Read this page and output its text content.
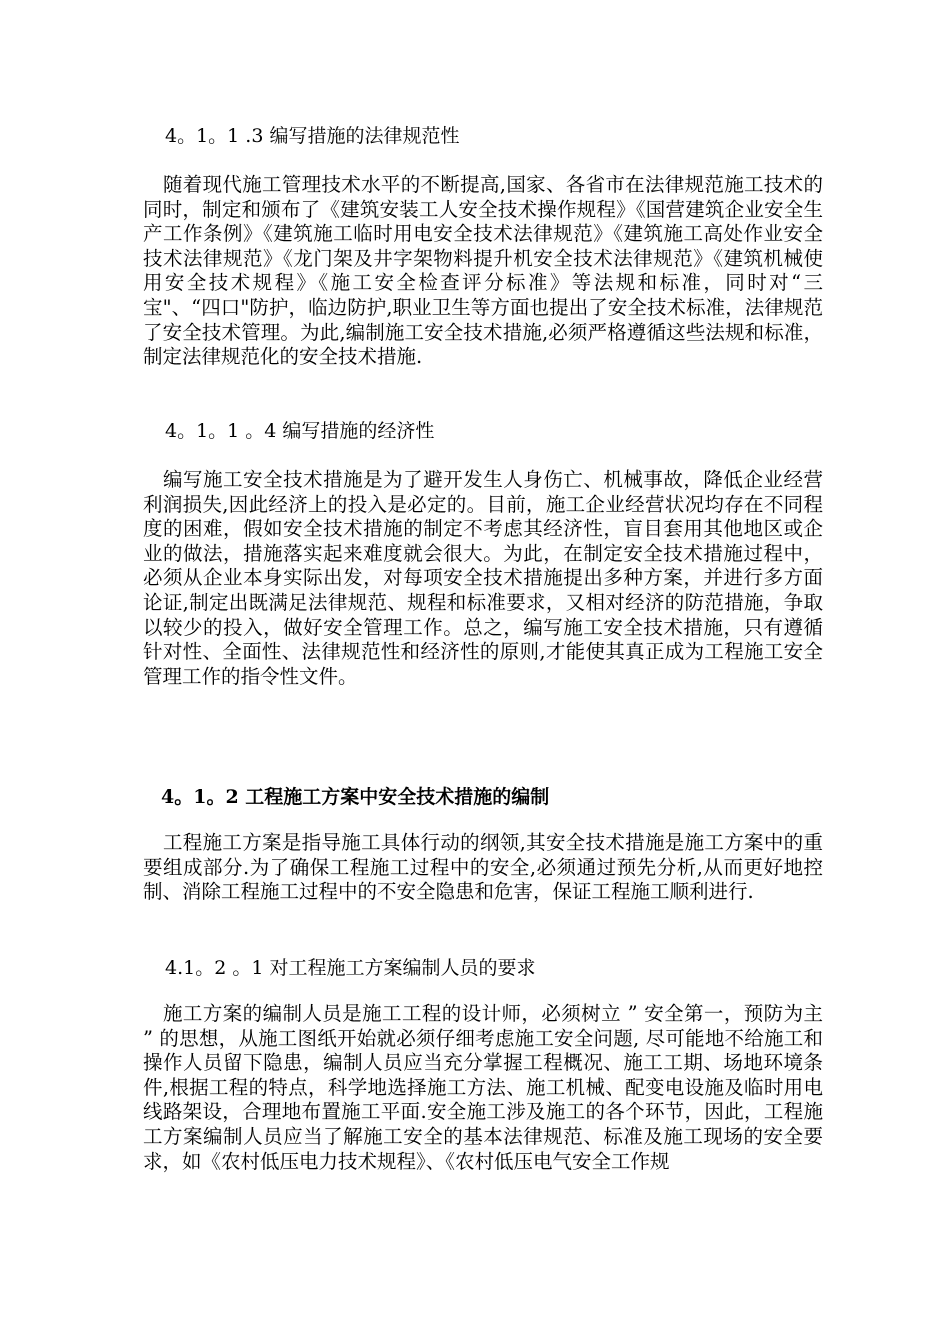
4。1。1 .3 编写措施的法律规范性
随着现代施工管理技术水平的不断提高,国家、各省市在法律规范施工技术的同时，制定和颁布了《建筑安装工人安全技术操作规程》《国营建筑企业安全生产工作条例》《建筑施工临时用电安全技术法律规范》《建筑施工高处作业安全技术法律规范》《龙门架及井字架物料提升机安全技术法律规范》《建筑机械使用安全技术规程》《施工安全检查评分标准》等法规和标准，同时对“三宝"、“四口"防护，临边防护,职业卫生等方面也提出了安全技术标准，法律规范了安全技术管理。为此,编制施工安全技术措施,必须严格遵循这些法规和标准，制定法律规范化的安全技术措施.
4。1。1 。4 编写措施的经济性
编写施工安全技术措施是为了避开发生人身伤亡、机械事故，降低企业经营利润损失,因此经济上的投入是必定的。目前，施工企业经营状况均存在不同程度的困难，假如安全技术措施的制定不考虑其经济性，盲目套用其他地区或企业的做法，措施落实起来难度就会很大。为此，在制定安全技术措施过程中，必须从企业本身实际出发，对每项安全技术措施提出多种方案，并进行多方面论证,制定出既满足法律规范、规程和标准要求，又相对经济的防范措施，争取以较少的投入，做好安全管理工作。总之，编写施工安全技术措施，只有遵循针对性、全面性、法律规范性和经济性的原则,才能使其真正成为工程施工安全管理工作的指令性文件。
4。1。2 工程施工方案中安全技术措施的编制
工程施工方案是指导施工具体行动的纲领,其安全技术措施是施工方案中的重要组成部分.为了确保工程施工过程中的安全,必须通过预先分析,从而更好地控制、消除工程施工过程中的不安全隐患和危害，保证工程施工顺利进行.
4.1。2 。1 对工程施工方案编制人员的要求
施工方案的编制人员是施工工程的设计师，必须树立 ” 安全第一，预防为主 ” 的思想，从施工图纸开始就必须仔细考虑施工安全问题, 尽可能地不给施工和操作人员留下隐患，编制人员应当充分掌握工程概况、施工工期、场地环境条件,根据工程的特点，科学地选择施工方法、施工机械、配变电设施及临时用电线路架设，合理地布置施工平面.安全施工涉及施工的各个环节，因此，工程施工方案编制人员应当了解施工安全的基本法律规范、标准及施工现场的安全要求，如《农村低压电力技术规程》、《农村低压电气安全工作规
